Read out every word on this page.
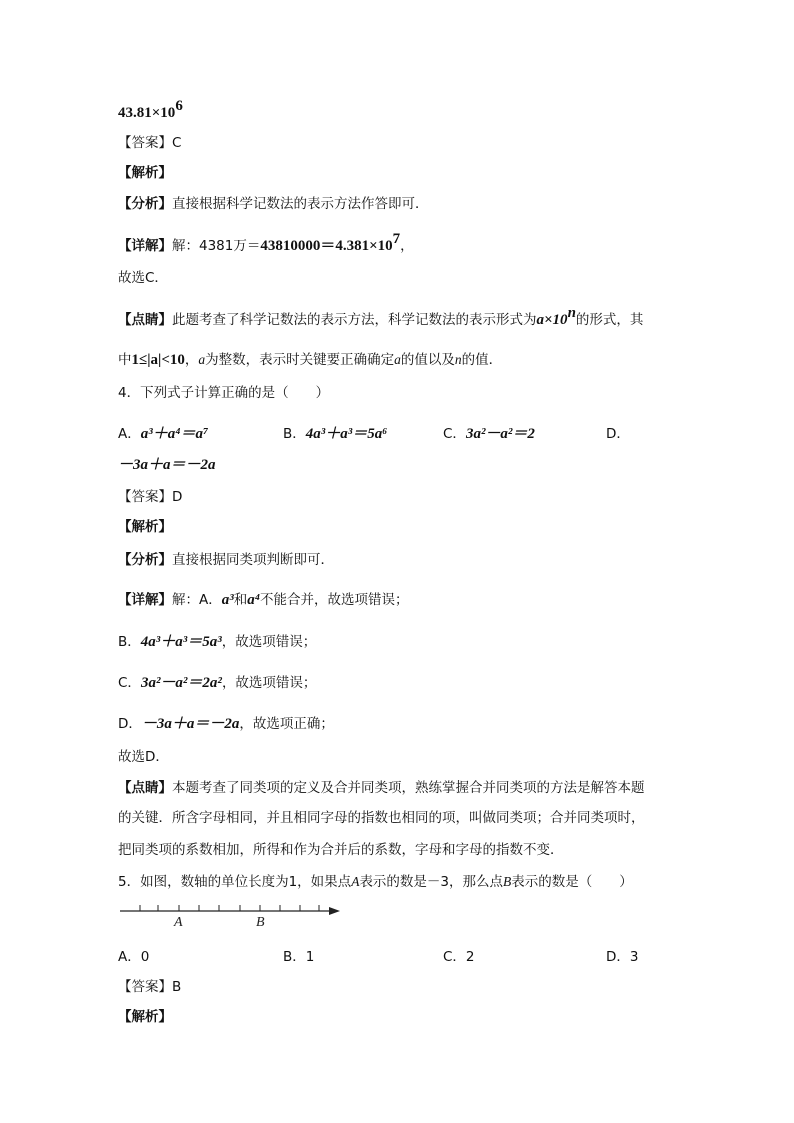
$43.81\times 10^6$
【答案】C
【解析】
【分析】直接根据科学记数法的表示方法作答即可．
【详解】解：4381万$=43810000=4.381\times 10^7$，
故选C．
【点睛】此题考查了科学记数法的表示方法，科学记数法的表示形式为$a\times 10^n$的形式，其
中1≤|a|<10，a为整数，表示时关键要正确确定a的值以及n的值．
4．下列式子计算正确的是（　　）
A．a³＋a⁴＝a⁷	B．4a³＋a³＝5a⁶	C．3a²－a²＝2	D．
－3a＋a＝－2a
【答案】D
【解析】
【分析】直接根据同类项判断即可．
【详解】解：A．a³和a⁴不能合并，故选项错误；
B．4a³＋a³＝5a³，故选项错误；
C．3a²－a²＝2a²，故选项错误；
D．－3a＋a＝－2a，故选项正确；
故选D．
【点睛】本题考查了同类项的定义及合并同类项，熟练掌握合并同类项的方法是解答本题
的关键．所含字母相同，并且相同字母的指数也相同的项，叫做同类项；合并同类项时，
把同类项的系数相加，所得和作为合并后的系数，字母和字母的指数不变．
5．如图，数轴的单位长度为1，如果点A表示的数是－3，那么点B表示的数是（　　）
A	B
A．0	B．1	C．2	D．3
【答案】B
【解析】
